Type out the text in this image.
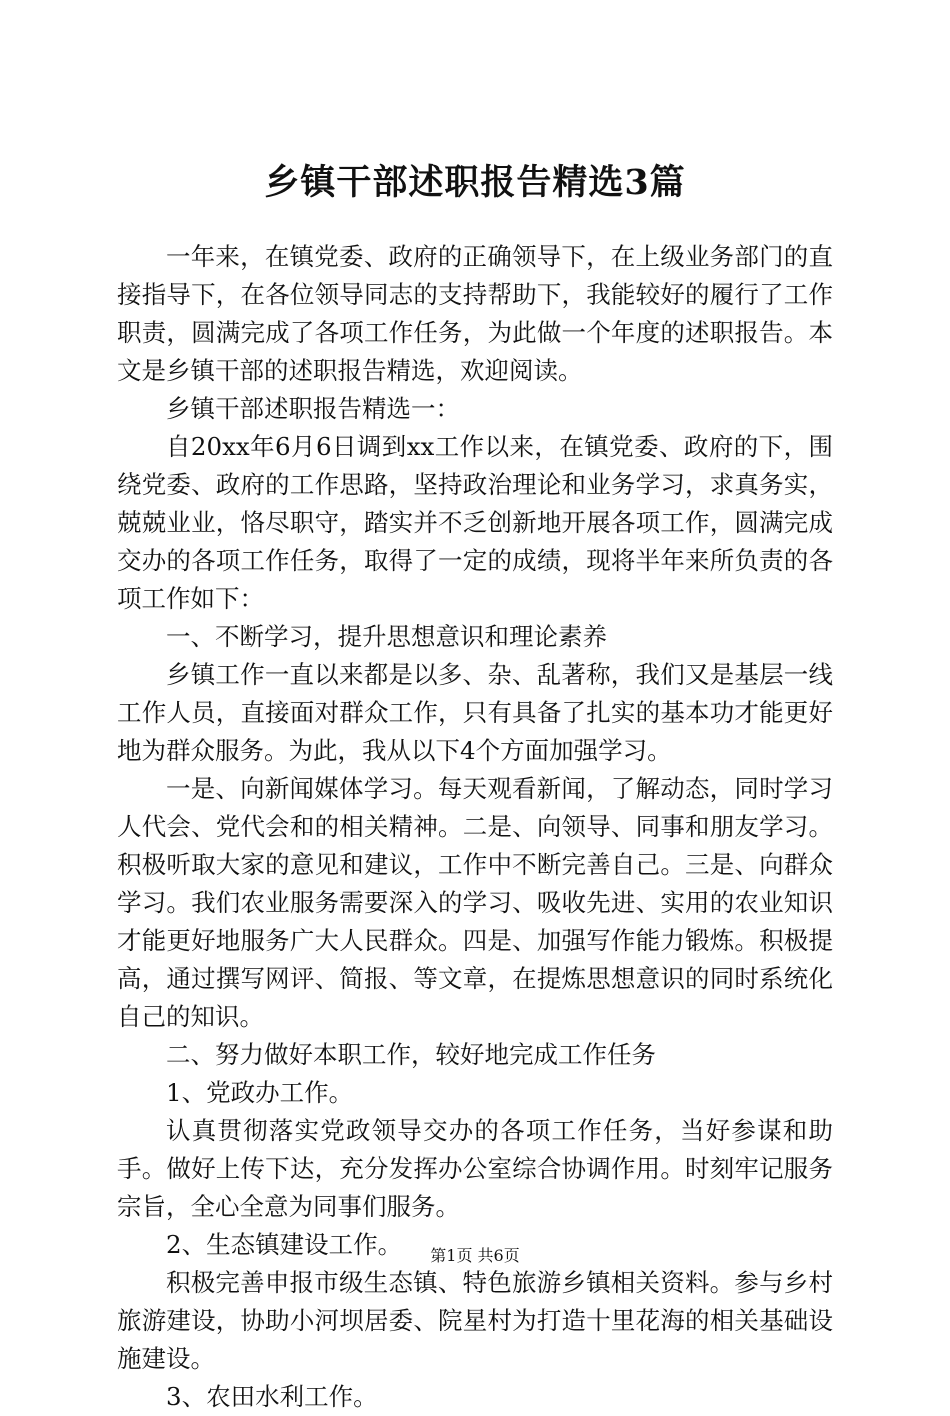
乡镇干部述职报告精选3篇

一年来，在镇党委、政府的正确领导下，在上级业务部门的直接指导下，在各位领导同志的支持帮助下，我能较好的履行了工作职责，圆满完成了各项工作任务，为此做一个年度的述职报告。本文是乡镇干部的述职报告精选，欢迎阅读。

乡镇干部述职报告精选一：

自20xx年6月6日调到xx工作以来，在镇党委、政府的下，围绕党委、政府的工作思路，坚持政治理论和业务学习，求真务实，兢兢业业，恪尽职守，踏实并不乏创新地开展各项工作，圆满完成交办的各项工作任务，取得了一定的成绩，现将半年来所负责的各项工作如下：

一、不断学习，提升思想意识和理论素养

乡镇工作一直以来都是以多、杂、乱著称，我们又是基层一线工作人员，直接面对群众工作，只有具备了扎实的基本功才能更好地为群众服务。为此，我从以下4个方面加强学习。

一是、向新闻媒体学习。每天观看新闻，了解动态，同时学习人代会、党代会和的相关精神。二是、向领导、同事和朋友学习。积极听取大家的意见和建议，工作中不断完善自己。三是、向群众学习。我们农业服务需要深入的学习、吸收先进、实用的农业知识才能更好地服务广大人民群众。四是、加强写作能力锻炼。积极提高，通过撰写网评、简报、等文章，在提炼思想意识的同时系统化自己的知识。

二、努力做好本职工作，较好地完成工作任务

1、党政办工作。

认真贯彻落实党政领导交办的各项工作任务，当好参谋和助手。做好上传下达，充分发挥办公室综合协调作用。时刻牢记服务宗旨，全心全意为同事们服务。

2、生态镇建设工作。

积极完善申报市级生态镇、特色旅游乡镇相关资料。参与乡村旅游建设，协助小河坝居委、院星村为打造十里花海的相关基础设施建设。

3、农田水利工作。

第1页 共6页
